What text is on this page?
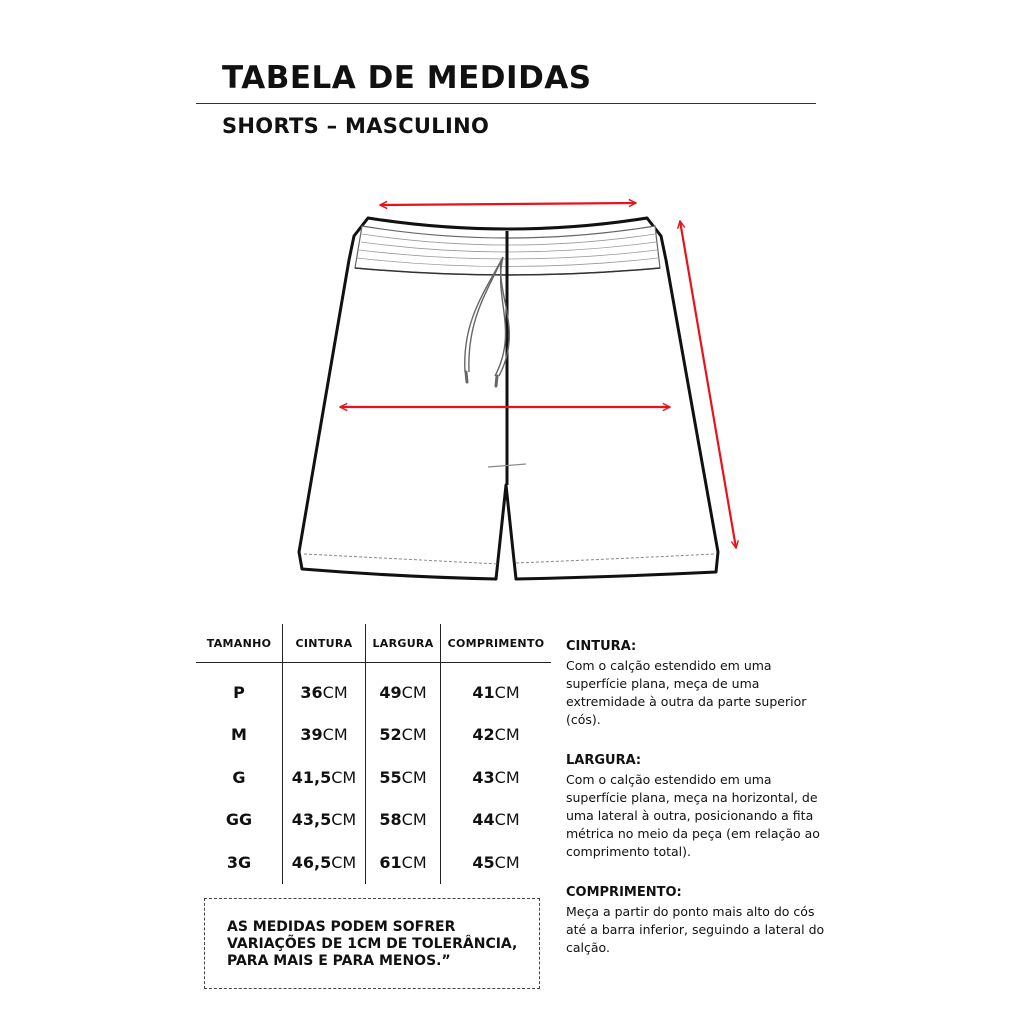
TABELA DE MEDIDAS
SHORTS – MASCULINO
TAMANHO	CINTURA	LARGURA	COMPRIMENTO
P	36CM	49CM	41CM
M	39CM	52CM	42CM
G	41,5CM	55CM	43CM
GG	43,5CM	58CM	44CM
3G	46,5CM	61CM	45CM
AS MEDIDAS PODEM SOFRER VARIAÇÕES DE 1CM DE TOLERÂNCIA, PARA MAIS E PARA MENOS.”
CINTURA:
Com o calção estendido em uma superfície plana, meça de uma extremidade à outra da parte superior (cós).
LARGURA:
Com o calção estendido em uma superfície plana, meça na horizontal, de uma lateral à outra, posicionando a fita métrica no meio da peça (em relação ao comprimento total).
COMPRIMENTO:
Meça a partir do ponto mais alto do cós até a barra inferior, seguindo a lateral do calção.
